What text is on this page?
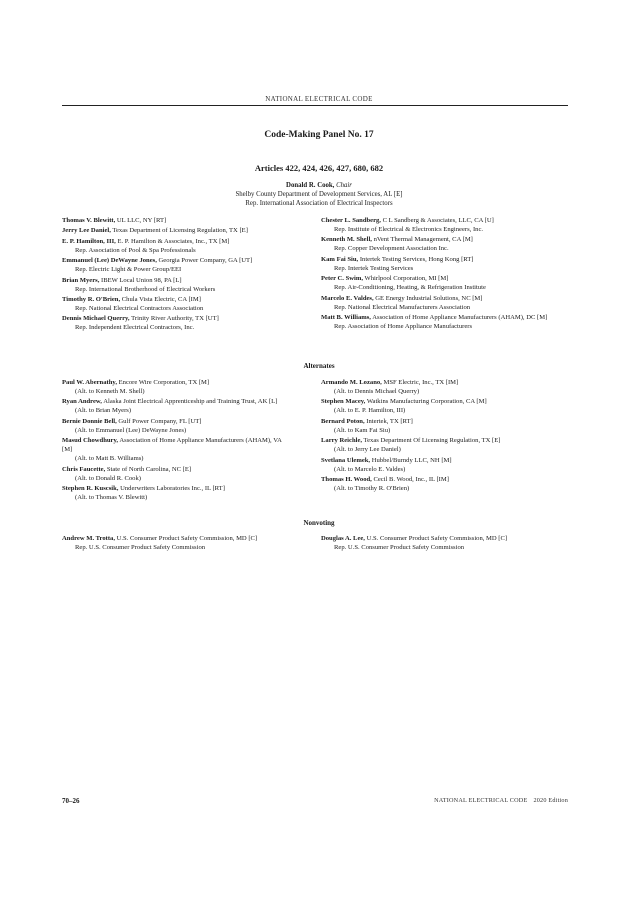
NATIONAL ELECTRICAL CODE
Code-Making Panel No. 17
Articles 422, 424, 426, 427, 680, 682
Donald R. Cook, Chair
Shelby County Department of Development Services, AL [E]
Rep. International Association of Electrical Inspectors
Thomas V. Blewitt, UL LLC, NY [RT]
Jerry Lee Daniel, Texas Department of Licensing Regulation, TX [E]
E. P. Hamilton, III, E. P. Hamilton & Associates, Inc., TX [M]
Rep. Association of Pool & Spa Professionals
Emmanuel (Lee) DeWayne Jones, Georgia Power Company, GA [UT]
Rep. Electric Light & Power Group/EEI
Brian Myers, IBEW Local Union 98, PA [L]
Rep. International Brotherhood of Electrical Workers
Timothy R. O'Brien, Chula Vista Electric, CA [IM]
Rep. National Electrical Contractors Association
Dennis Michael Querry, Trinity River Authority, TX [UT]
Rep. Independent Electrical Contractors, Inc.
Chester L. Sandberg, C L Sandberg & Associates, LLC, CA [U]
Rep. Institute of Electrical & Electronics Engineers, Inc.
Kenneth M. Shell, nVent Thermal Management, CA [M]
Rep. Copper Development Association Inc.
Kam Fai Siu, Intertek Testing Services, Hong Kong [RT]
Rep. Intertek Testing Services
Peter C. Swim, Whirlpool Corporation, MI [M]
Rep. Air-Conditioning, Heating, & Refrigeration Institute
Marcelo E. Valdes, GE Energy Industrial Solutions, NC [M]
Rep. National Electrical Manufacturers Association
Matt B. Williams, Association of Home Appliance Manufacturers (AHAM), DC [M]
Rep. Association of Home Appliance Manufacturers
Alternates
Paul W. Abernathy, Encore Wire Corporation, TX [M]
(Alt. to Kenneth M. Shell)
Ryan Andrew, Alaska Joint Electrical Apprenticeship and Training Trust, AK [L]
(Alt. to Brian Myers)
Bernie Donnie Bell, Gulf Power Company, FL [UT]
(Alt. to Emmanuel (Lee) DeWayne Jones)
Masud Chowdhury, Association of Home Appliance Manufacturers (AHAM), VA [M]
(Alt. to Matt B. Williams)
Chris Faucette, State of North Carolina, NC [E]
(Alt. to Donald R. Cook)
Stephen R. Kuscsik, Underwriters Laboratories Inc., IL [RT]
(Alt. to Thomas V. Blewitt)
Armando M. Lozano, MSF Electric, Inc., TX [IM]
(Alt. to Dennis Michael Querry)
Stephen Macey, Watkins Manufacturing Corporation, CA [M]
(Alt. to E. P. Hamilton, III)
Bernard Poton, Intertek, TX [RT]
(Alt. to Kam Fai Siu)
Larry Reichle, Texas Department Of Licensing Regulation, TX [E]
(Alt. to Jerry Lee Daniel)
Svetlana Ulemek, Hubbel/Burndy LLC, NH [M]
(Alt. to Marcelo E. Valdes)
Thomas H. Wood, Cecil B. Wood, Inc., IL [IM]
(Alt. to Timothy R. O'Brien)
Nonvoting
Andrew M. Trotta, U.S. Consumer Product Safety Commission, MD [C]
Rep. U.S. Consumer Product Safety Commission
Douglas A. Lee, U.S. Consumer Product Safety Commission, MD [C]
Rep. U.S. Consumer Product Safety Commission
70–26	NATIONAL ELECTRICAL CODE 2020 Edition
